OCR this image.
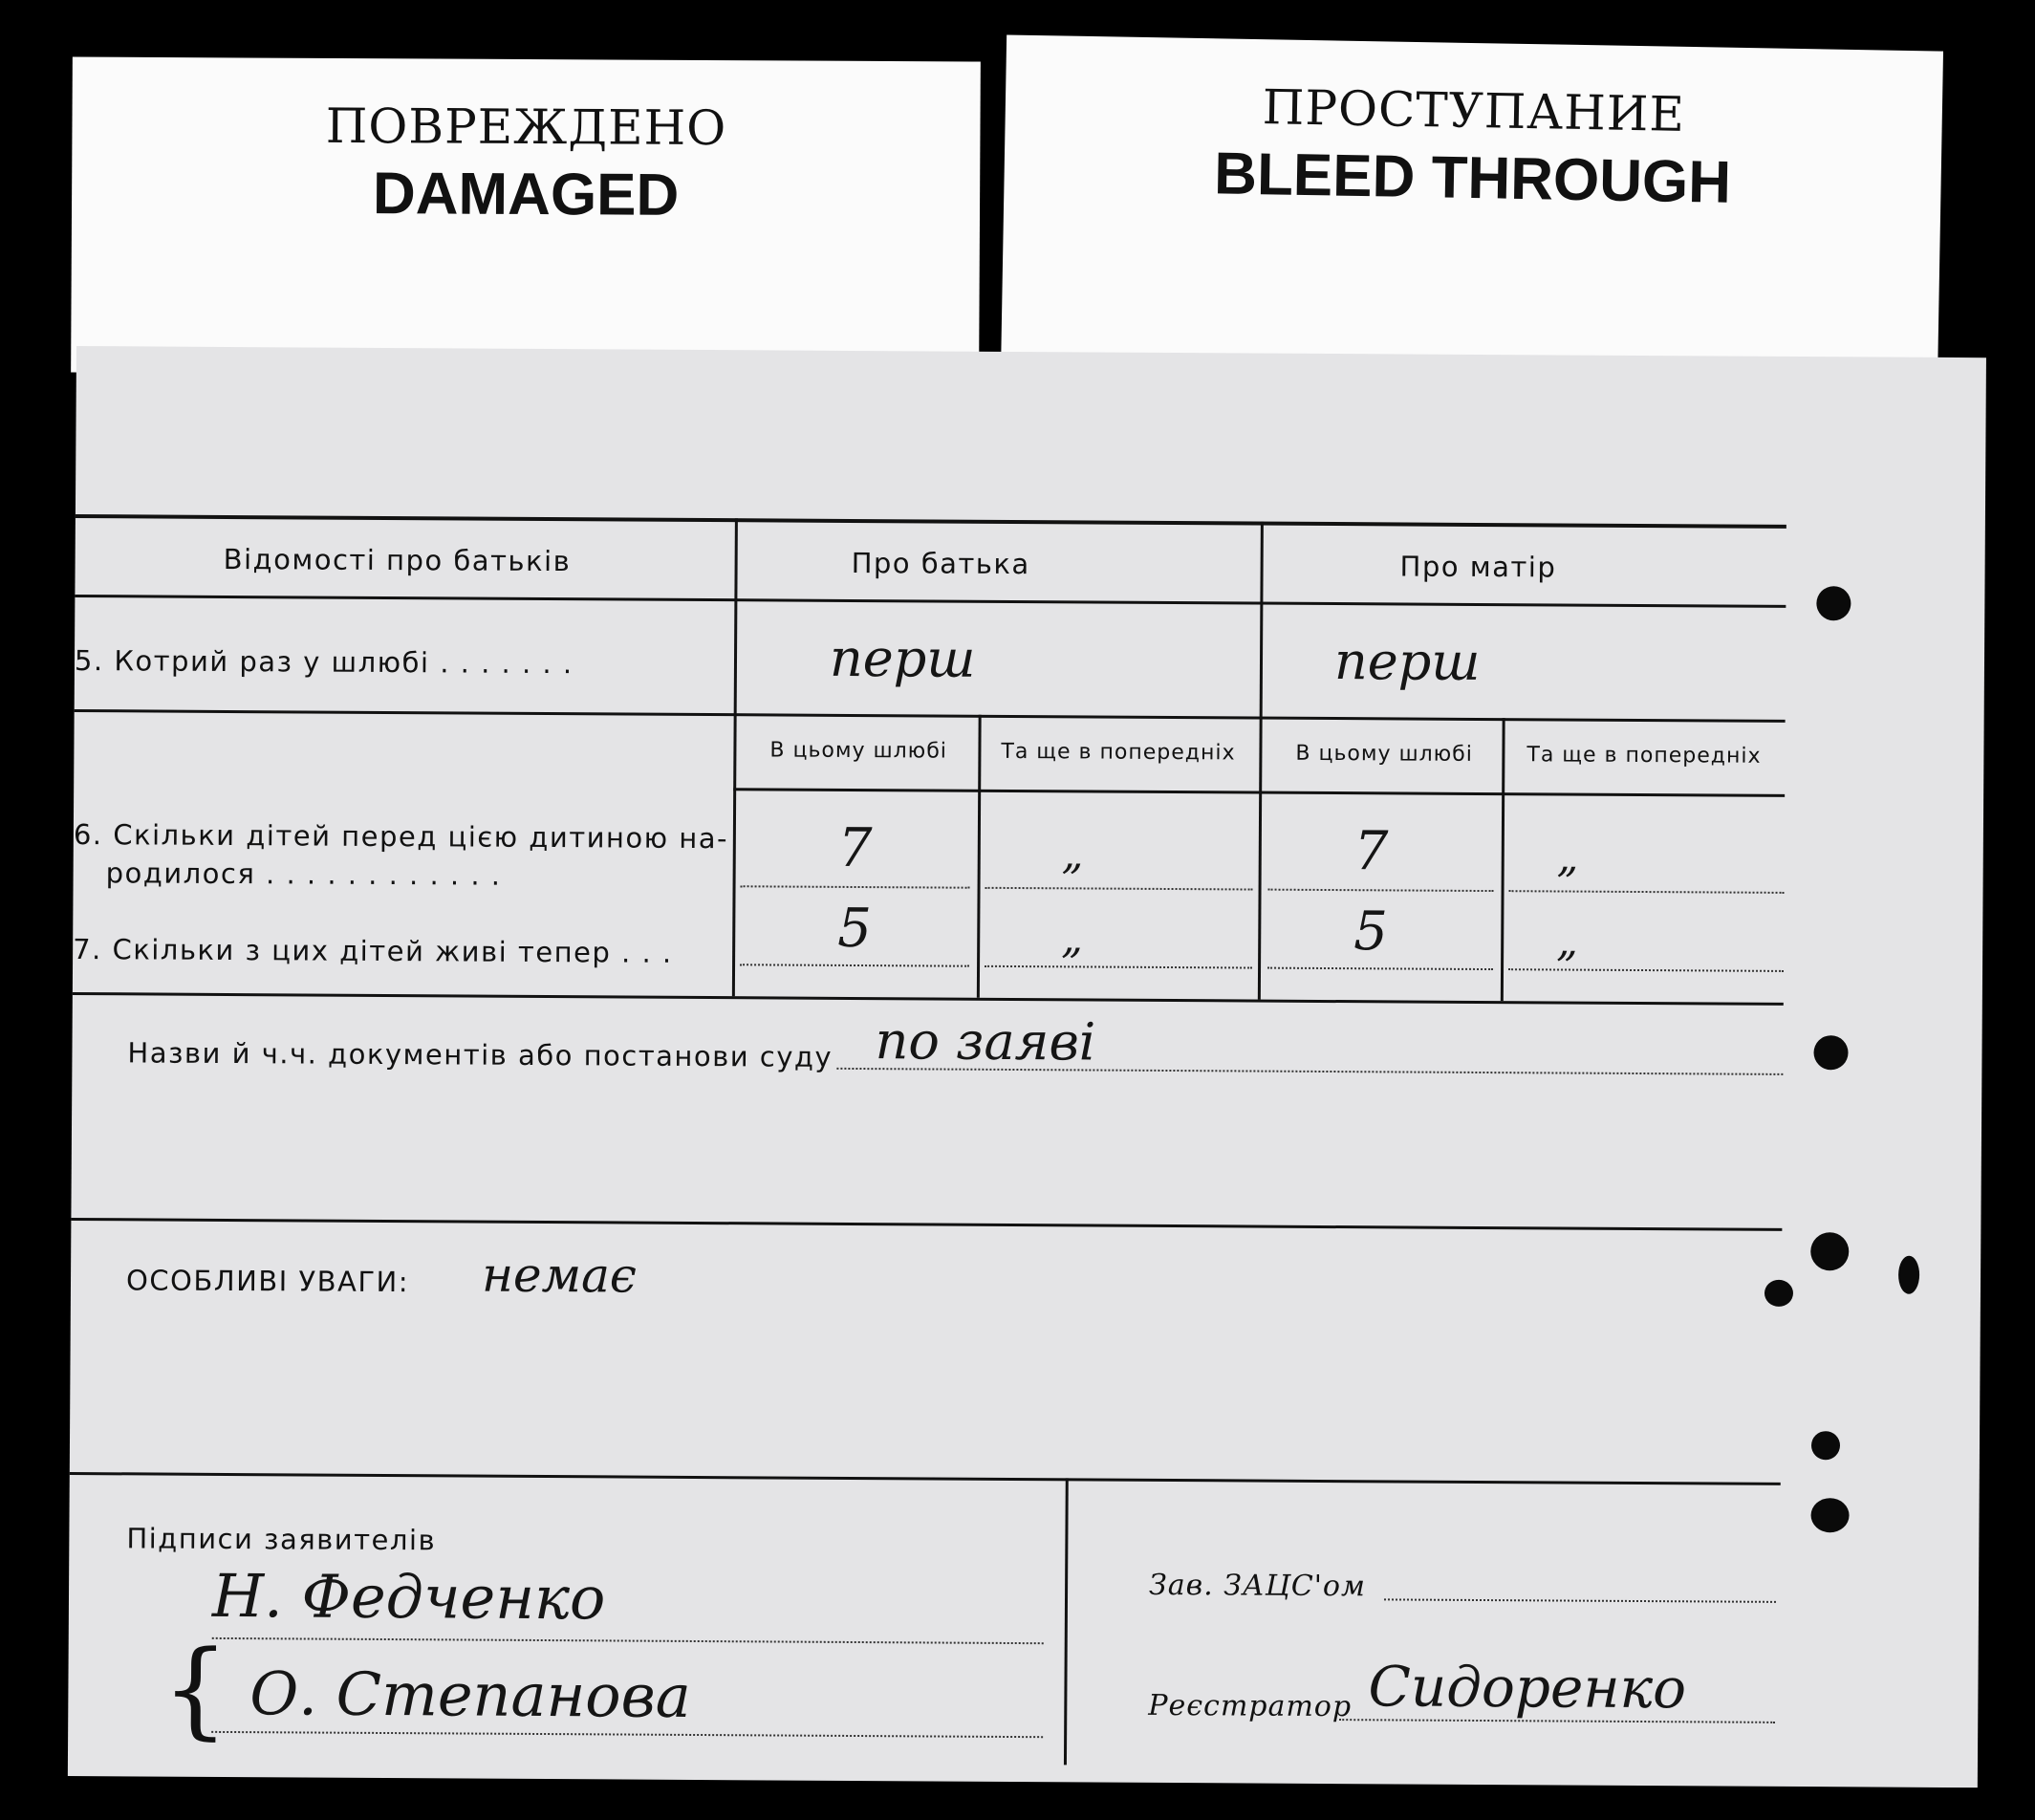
ПОВРЕЖДЕНО
DAMAGED
ПРОСТУПАНИЕ
BLEED THROUGH
Відомості про батьків	Про батька	Про матір
5. Котрий раз у шлюбі . . . . . . .	перш	перш
В цьому шлюбі	Та ще в попередніх	В цьому шлюбі	Та ще в попередніх
6. Скільки дітей перед цією дитиною на-
родилося . . . . . . . . . . . .	7	„	7	„
7. Скільки з цих дітей живі тепер . . .	5	„	5	„
Назви й ч.ч. документів або постанови суду по заяві
ОСОБЛИВІ УВАГИ: немає
Підписи заявителів
Н. Федченко
{ О. Степанова
Зав. ЗАЦС'ом
Реєстратор Сидоренко
